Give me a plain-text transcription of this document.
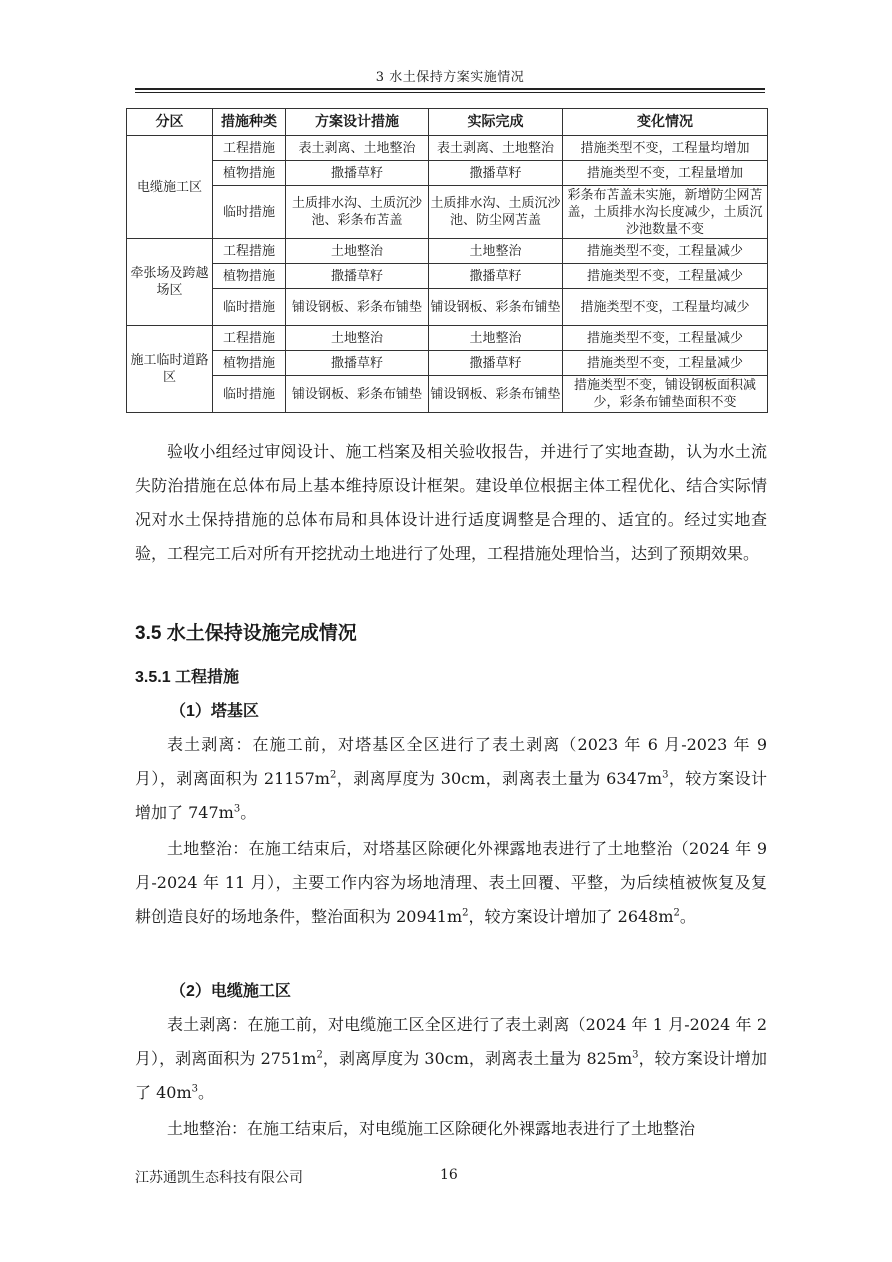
3 水土保持方案实施情况
分区	措施种类	方案设计措施	实际完成	变化情况
电缆施工区	工程措施	表土剥离、土地整治	表土剥离、土地整治	措施类型不变，工程量均增加
	植物措施	撒播草籽	撒播草籽	措施类型不变，工程量增加
	临时措施	土质排水沟、土质沉沙池、彩条布苫盖	土质排水沟、土质沉沙池、防尘网苫盖	彩条布苫盖未实施，新增防尘网苫盖，土质排水沟长度减少，土质沉沙池数量不变
牵张场及跨越场区	工程措施	土地整治	土地整治	措施类型不变，工程量减少
	植物措施	撒播草籽	撒播草籽	措施类型不变，工程量减少
	临时措施	铺设钢板、彩条布铺垫	铺设钢板、彩条布铺垫	措施类型不变，工程量均减少
施工临时道路区	工程措施	土地整治	土地整治	措施类型不变，工程量减少
	植物措施	撒播草籽	撒播草籽	措施类型不变，工程量减少
	临时措施	铺设钢板、彩条布铺垫	铺设钢板、彩条布铺垫	措施类型不变，铺设钢板面积减少，彩条布铺垫面积不变
验收小组经过审阅设计、施工档案及相关验收报告，并进行了实地查勘，认为水土流失防治措施在总体布局上基本维持原设计框架。建设单位根据主体工程优化、结合实际情况对水土保持措施的总体布局和具体设计进行适度调整是合理的、适宜的。经过实地查验，工程完工后对所有开挖扰动土地进行了处理，工程措施处理恰当，达到了预期效果。
3.5 水土保持设施完成情况
3.5.1 工程措施
（1）塔基区
表土剥离：在施工前，对塔基区全区进行了表土剥离（2023 年 6 月-2023 年 9 月），剥离面积为 $21157m^2$，剥离厚度为 30cm，剥离表土量为 $6347m^3$，较方案设计增加了 $747m^3$。
土地整治：在施工结束后，对塔基区除硬化外裸露地表进行了土地整治（2024 年 9 月-2024 年 11 月），主要工作内容为场地清理、表土回覆、平整，为后续植被恢复及复耕创造良好的场地条件，整治面积为 $20941m^2$，较方案设计增加了 $2648m^2$。
（2）电缆施工区
表土剥离：在施工前，对电缆施工区全区进行了表土剥离（2024 年 1 月-2024 年 2 月），剥离面积为 $2751m^2$，剥离厚度为 30cm，剥离表土量为 $825m^3$，较方案设计增加了 $40m^3$。
土地整治：在施工结束后，对电缆施工区除硬化外裸露地表进行了土地整治
江苏通凯生态科技有限公司	16
